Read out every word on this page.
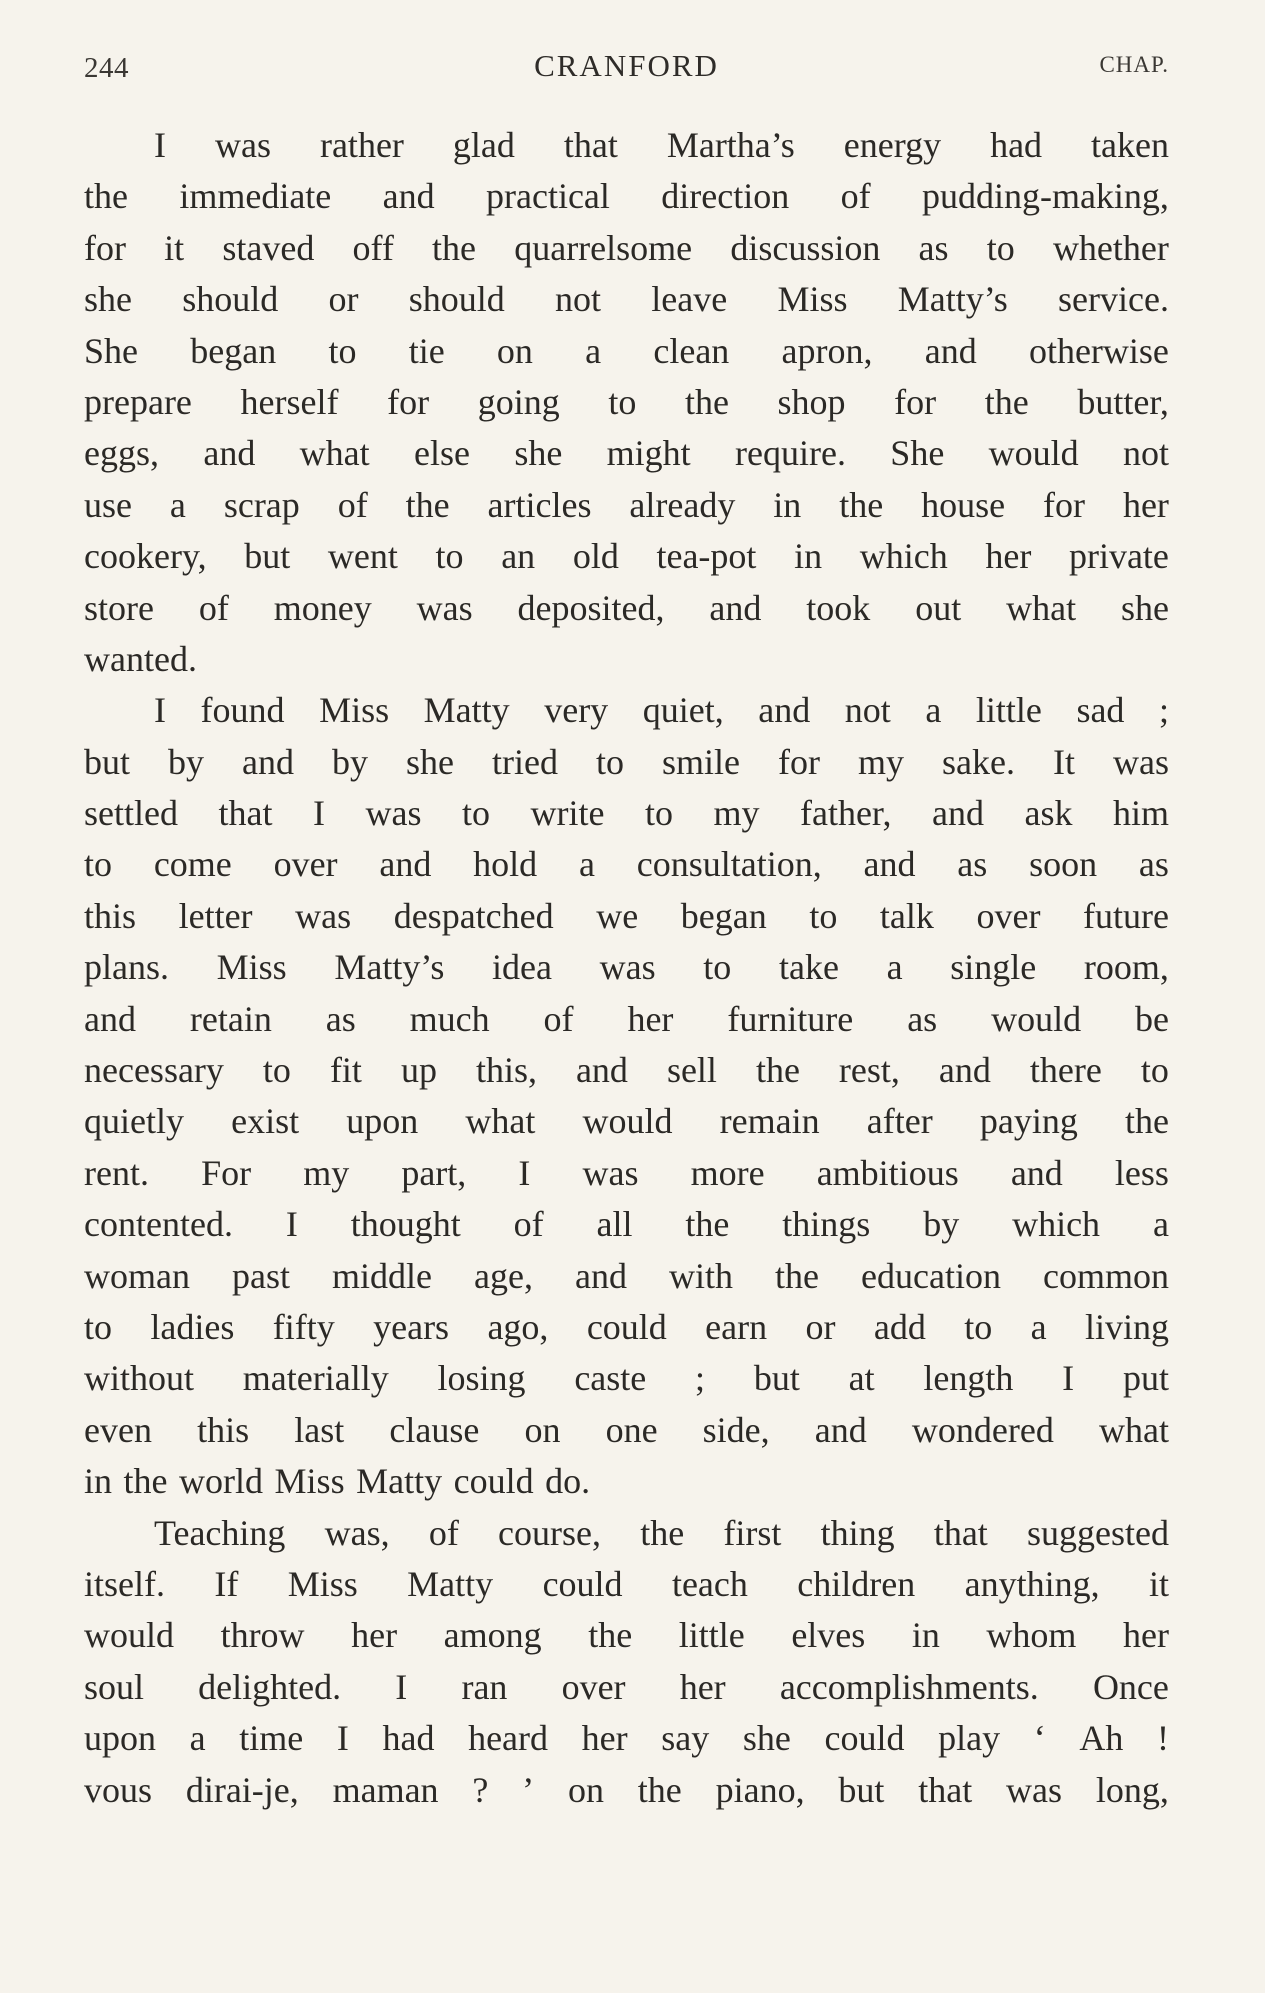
244	CRANFORD	CHAP.
I was rather glad that Martha’s energy had taken
the immediate and practical direction of pudding-making,
for it staved off the quarrelsome discussion as to whether
she should or should not leave Miss Matty’s service.
She began to tie on a clean apron, and otherwise
prepare herself for going to the shop for the butter,
eggs, and what else she might require. She would not
use a scrap of the articles already in the house for her
cookery, but went to an old tea-pot in which her private
store of money was deposited, and took out what she
wanted.
I found Miss Matty very quiet, and not a little sad ;
but by and by she tried to smile for my sake. It was
settled that I was to write to my father, and ask him
to come over and hold a consultation, and as soon as
this letter was despatched we began to talk over future
plans. Miss Matty’s idea was to take a single room,
and retain as much of her furniture as would be
necessary to fit up this, and sell the rest, and there to
quietly exist upon what would remain after paying the
rent. For my part, I was more ambitious and less
contented. I thought of all the things by which a
woman past middle age, and with the education common
to ladies fifty years ago, could earn or add to a living
without materially losing caste ; but at length I put
even this last clause on one side, and wondered what
in the world Miss Matty could do.
Teaching was, of course, the first thing that suggested
itself. If Miss Matty could teach children anything, it
would throw her among the little elves in whom her
soul delighted. I ran over her accomplishments. Once
upon a time I had heard her say she could play ‘ Ah !
vous dirai-je, maman ? ’ on the piano, but that was long,
